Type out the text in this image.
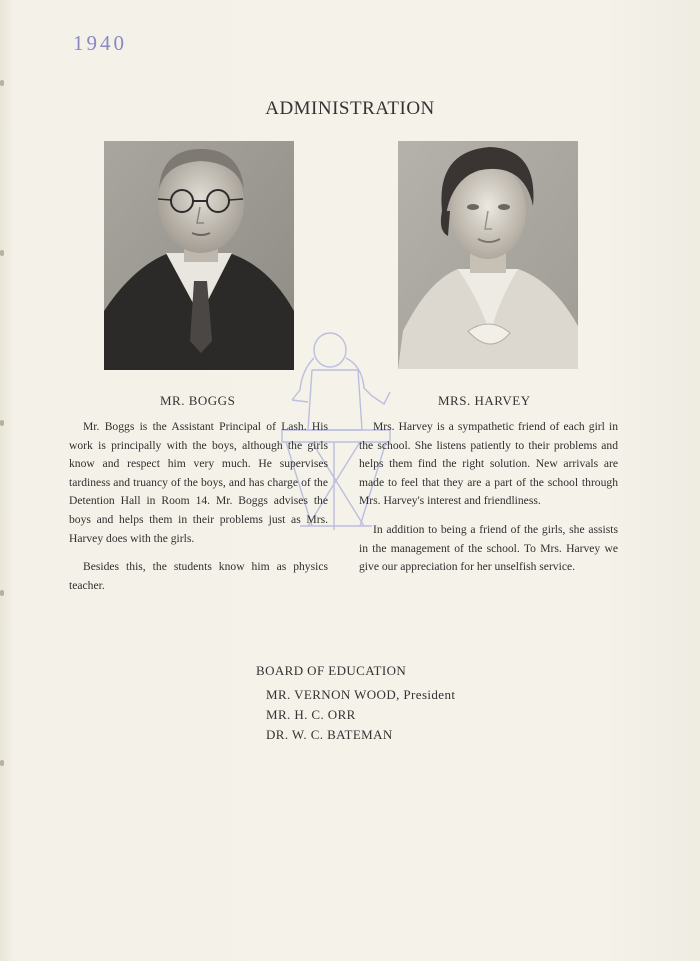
1940
ADMINISTRATION
MR. BOGGS	MRS. HARVEY

Mr. Boggs is the Assistant Principal of Lash. His work is principally with the boys, although the girls know and respect him very much. He supervises tardiness and truancy of the boys, and has charge of the Detention Hall in Room 14. Mr. Boggs advises the boys and helps them in their problems just as Mrs. Harvey does with the girls.

Besides this, the students know him as physics teacher.

Mrs. Harvey is a sympathetic friend of each girl in the school. She listens patiently to their problems and helps them find the right solution. New arrivals are made to feel that they are a part of the school through Mrs. Harvey's interest and friendliness.

In addition to being a friend of the girls, she assists in the management of the school. To Mrs. Harvey we give our appreciation for her unselfish service.

BOARD OF EDUCATION
MR. VERNON WOOD, President
MR. H. C. ORR
DR. W. C. BATEMAN
